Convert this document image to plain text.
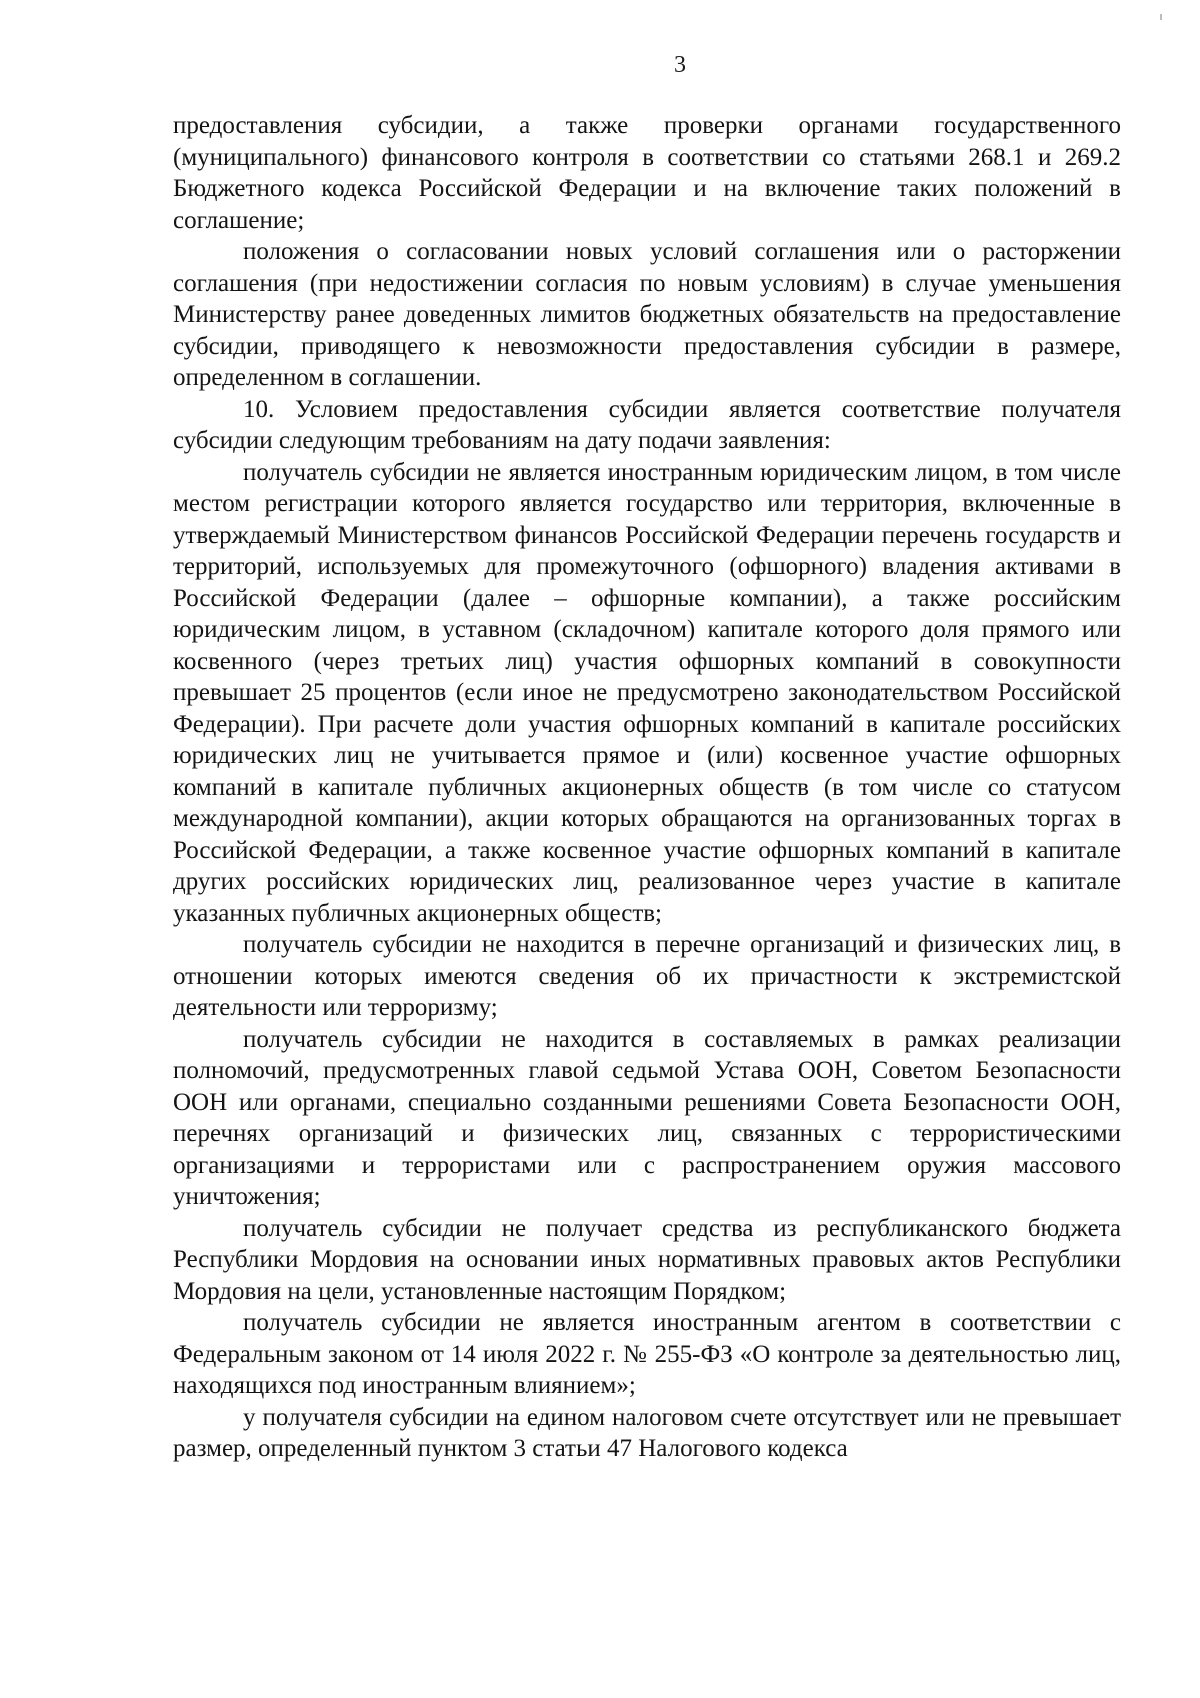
3

предоставления субсидии, а также проверки органами государственного (муниципального) финансового контроля в соответствии со статьями 268.1 и 269.2 Бюджетного кодекса Российской Федерации и на включение таких положений в соглашение;

положения о согласовании новых условий соглашения или о расторжении соглашения (при недостижении согласия по новым условиям) в случае уменьшения Министерству ранее доведенных лимитов бюджетных обязательств на предоставление субсидии, приводящего к невозможности предоставления субсидии в размере, определенном в соглашении.

10. Условием предоставления субсидии является соответствие получателя субсидии следующим требованиям на дату подачи заявления:

получатель субсидии не является иностранным юридическим лицом, в том числе местом регистрации которого является государство или территория, включенные в утверждаемый Министерством финансов Российской Федерации перечень государств и территорий, используемых для промежуточного (офшорного) владения активами в Российской Федерации (далее – офшорные компании), а также российским юридическим лицом, в уставном (складочном) капитале которого доля прямого или косвенного (через третьих лиц) участия офшорных компаний в совокупности превышает 25 процентов (если иное не предусмотрено законодательством Российской Федерации). При расчете доли участия офшорных компаний в капитале российских юридических лиц не учитывается прямое и (или) косвенное участие офшорных компаний в капитале публичных акционерных обществ (в том числе со статусом международной компании), акции которых обращаются на организованных торгах в Российской Федерации, а также косвенное участие офшорных компаний в капитале других российских юридических лиц, реализованное через участие в капитале указанных публичных акционерных обществ;

получатель субсидии не находится в перечне организаций и физических лиц, в отношении которых имеются сведения об их причастности к экстремистской деятельности или терроризму;

получатель субсидии не находится в составляемых в рамках реализации полномочий, предусмотренных главой седьмой Устава ООН, Советом Безопасности ООН или органами, специально созданными решениями Совета Безопасности ООН, перечнях организаций и физических лиц, связанных с террористическими организациями и террористами или с распространением оружия массового уничтожения;

получатель субсидии не получает средства из республиканского бюджета Республики Мордовия на основании иных нормативных правовых актов Республики Мордовия на цели, установленные настоящим Порядком;

получатель субсидии не является иностранным агентом в соответствии с Федеральным законом от 14 июля 2022 г. № 255-ФЗ «О контроле за деятельностью лиц, находящихся под иностранным влиянием»;

у получателя субсидии на едином налоговом счете отсутствует или не превышает размер, определенный пунктом 3 статьи 47 Налогового кодекса
